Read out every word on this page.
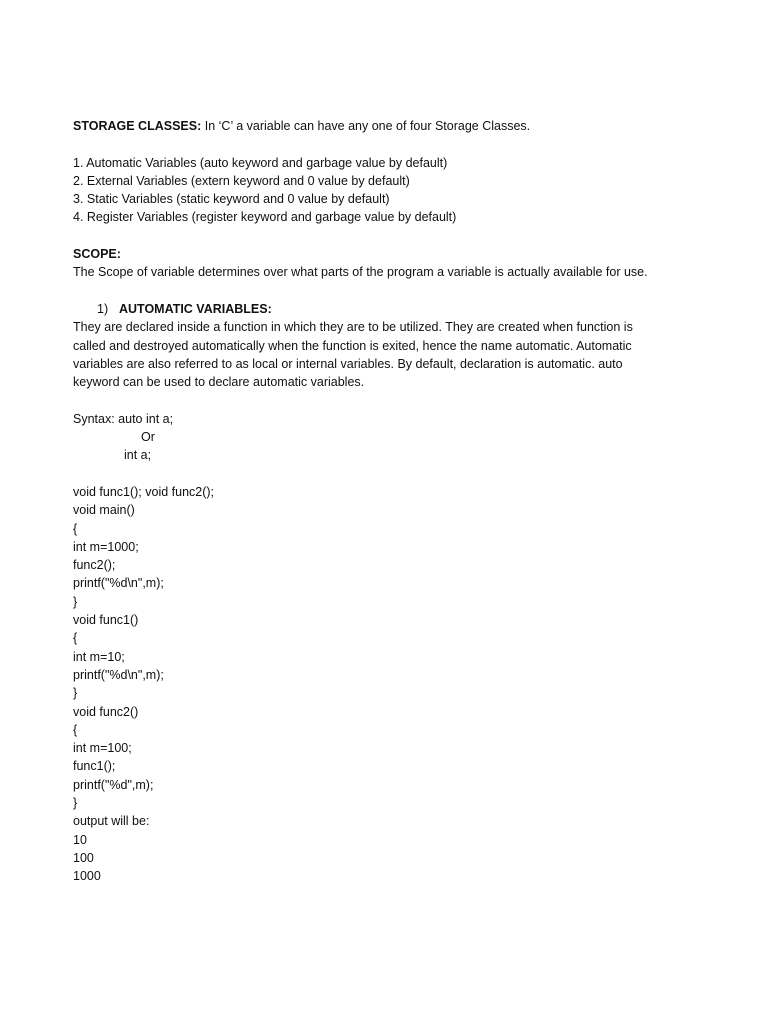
STORAGE CLASSES: In ‘C’ a variable can have any one of four Storage Classes.
1. Automatic Variables (auto keyword and garbage value by default)
2. External Variables (extern keyword and 0 value by default)
3. Static Variables (static keyword and 0 value by default)
4. Register Variables (register keyword and garbage value by default)
SCOPE:
The Scope of variable determines over what parts of the program a variable is actually available for use.
1) AUTOMATIC VARIABLES:
They are declared inside a function in which they are to be utilized. They are created when function is
called and destroyed automatically when the function is exited, hence the name automatic. Automatic
variables are also referred to as local or internal variables. By default, declaration is automatic. auto
keyword can be used to declare automatic variables.
Syntax: auto int a;
Or
int a;
void func1(); void func2();
void main()
{
int m=1000;
func2();
printf("%d\n",m);
}
void func1()
{
int m=10;
printf("%d\n",m);
}
void func2()
{
int m=100;
func1();
printf("%d",m);
}
output will be:
10
100
1000
